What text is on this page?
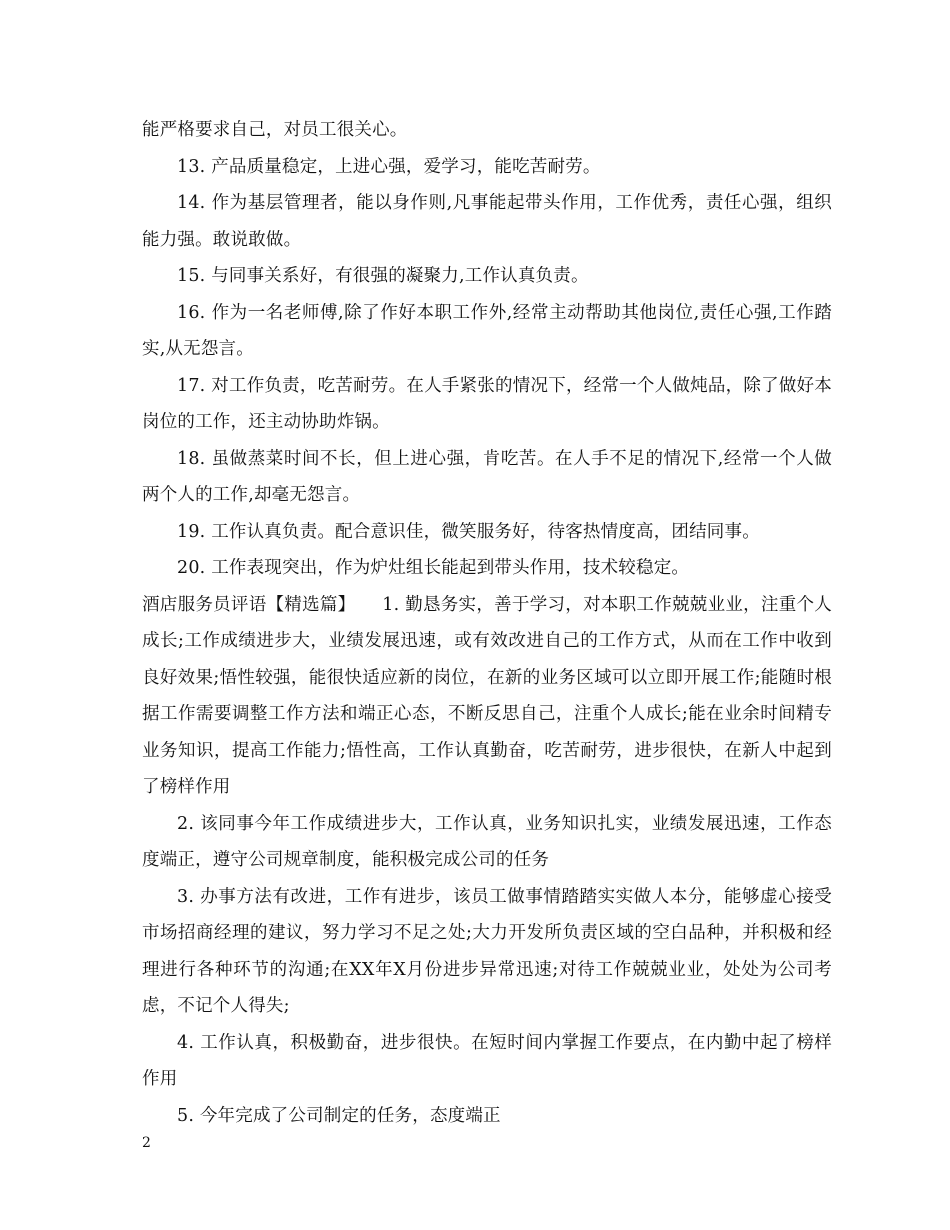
能严格要求自己，对员工很关心。

13. 产品质量稳定，上进心强，爱学习，能吃苦耐劳。

14. 作为基层管理者，能以身作则,凡事能起带头作用，工作优秀，责任心强，组织能力强。敢说敢做。

15. 与同事关系好，有很强的凝聚力,工作认真负责。

16. 作为一名老师傅,除了作好本职工作外,经常主动帮助其他岗位,责任心强,工作踏实,从无怨言。

17. 对工作负责，吃苦耐劳。在人手紧张的情况下，经常一个人做炖品，除了做好本岗位的工作，还主动协助炸锅。

18. 虽做蒸菜时间不长，但上进心强，肯吃苦。在人手不足的情况下,经常一个人做两个人的工作,却毫无怨言。

19. 工作认真负责。配合意识佳，微笑服务好，待客热情度高，团结同事。

20. 工作表现突出，作为炉灶组长能起到带头作用，技术较稳定。

酒店服务员评语【精选篇】　　1. 勤恳务实，善于学习，对本职工作兢兢业业，注重个人成长;工作成绩进步大，业绩发展迅速，或有效改进自己的工作方式，从而在工作中收到良好效果;悟性较强，能很快适应新的岗位，在新的业务区域可以立即开展工作;能随时根据工作需要调整工作方法和端正心态，不断反思自己，注重个人成长;能在业余时间精专业务知识，提高工作能力;悟性高，工作认真勤奋，吃苦耐劳，进步很快，在新人中起到了榜样作用

2. 该同事今年工作成绩进步大，工作认真，业务知识扎实，业绩发展迅速，工作态度端正，遵守公司规章制度，能积极完成公司的任务

3. 办事方法有改进，工作有进步，该员工做事情踏踏实实做人本分，能够虚心接受市场招商经理的建议，努力学习不足之处;大力开发所负责区域的空白品种，并积极和经理进行各种环节的沟通;在XX年X月份进步异常迅速;对待工作兢兢业业，处处为公司考虑，不记个人得失;

4. 工作认真，积极勤奋，进步很快。在短时间内掌握工作要点，在内勤中起了榜样作用

5. 今年完成了公司制定的任务，态度端正

2
